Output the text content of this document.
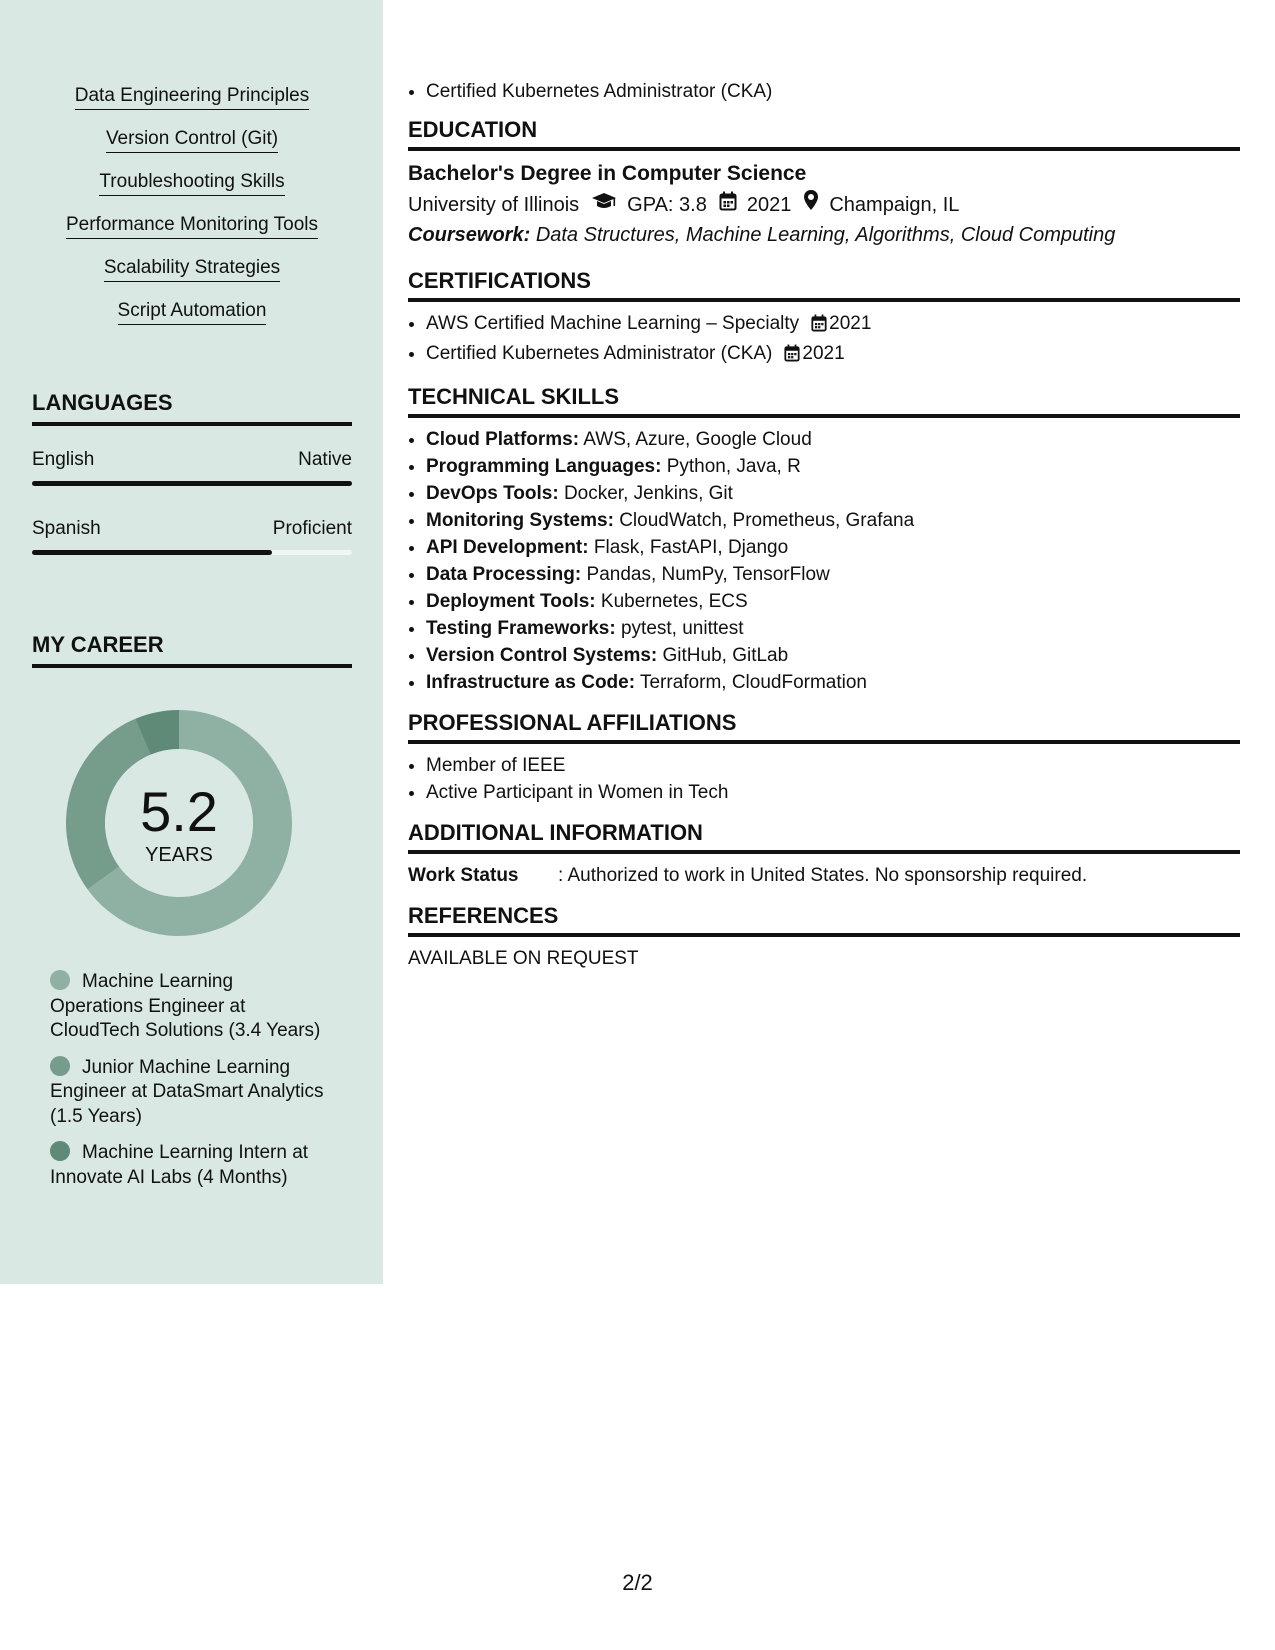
Data Engineering Principles
Version Control (Git)
Troubleshooting Skills
Performance Monitoring Tools
Scalability Strategies
Script Automation
LANGUAGES
English	Native
Spanish	Proficient
MY CAREER
5.2
YEARS
Machine Learning Operations Engineer at CloudTech Solutions (3.4 Years)
Junior Machine Learning Engineer at DataSmart Analytics (1.5 Years)
Machine Learning Intern at Innovate AI Labs (4 Months)
• Certified Kubernetes Administrator (CKA)
EDUCATION
Bachelor's Degree in Computer Science
University of Illinois GPA: 3.8 2021 Champaign, IL
Coursework: Data Structures, Machine Learning, Algorithms, Cloud Computing
CERTIFICATIONS
• AWS Certified Machine Learning – Specialty 2021
• Certified Kubernetes Administrator (CKA) 2021
TECHNICAL SKILLS
• Cloud Platforms: AWS, Azure, Google Cloud
• Programming Languages: Python, Java, R
• DevOps Tools: Docker, Jenkins, Git
• Monitoring Systems: CloudWatch, Prometheus, Grafana
• API Development: Flask, FastAPI, Django
• Data Processing: Pandas, NumPy, TensorFlow
• Deployment Tools: Kubernetes, ECS
• Testing Frameworks: pytest, unittest
• Version Control Systems: GitHub, GitLab
• Infrastructure as Code: Terraform, CloudFormation
PROFESSIONAL AFFILIATIONS
• Member of IEEE
• Active Participant in Women in Tech
ADDITIONAL INFORMATION
Work Status	: Authorized to work in United States. No sponsorship required.
REFERENCES
AVAILABLE ON REQUEST
2/2
